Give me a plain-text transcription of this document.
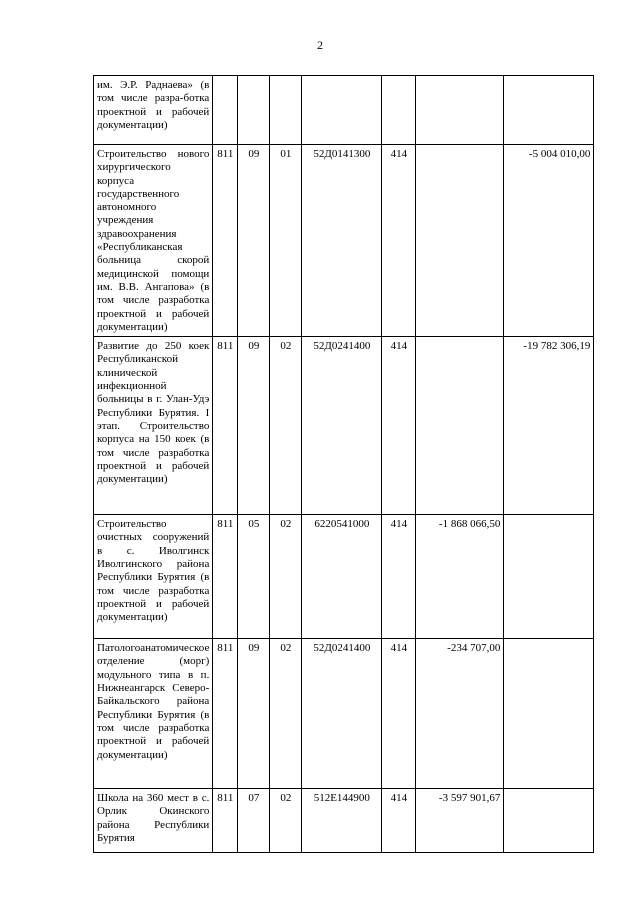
2
им. Э.Р. Раднаева» (в том числе разра-ботка проектной и рабочей документации)							
Строительство нового хирургического корпуса государственного автономного учреждения здравоохранения «Республиканская больница скорой медицинской помощи им. В.В. Ангапова» (в том числе разработка проектной и рабочей документации)	811	09	01	52Д0141300	414		-5 004 010,00
Развитие до 250 коек Республиканской клинической инфекционной больницы в г. Улан-Удэ Республики Бурятия. I этап. Строительство корпуса на 150 коек (в том числе разработка проектной и рабочей документации)	811	09	02	52Д0241400	414		-19 782 306,19
Строительство очистных сооружений в с. Иволгинск Иволгинского района Республики Бурятия (в том числе разработка проектной и рабочей документации)	811	05	02	6220541000	414	-1 868 066,50	
Патологоанатомическое отделение (морг) модульного типа в п. Нижнеангарск Северо-Байкальского района Республики Бурятия (в том числе разработка проектной и рабочей документации)	811	09	02	52Д0241400	414	-234 707,00	
Школа на 360 мест в с. Орлик Окинского района Республики Бурятия	811	07	02	512E144900	414	-3 597 901,67	
